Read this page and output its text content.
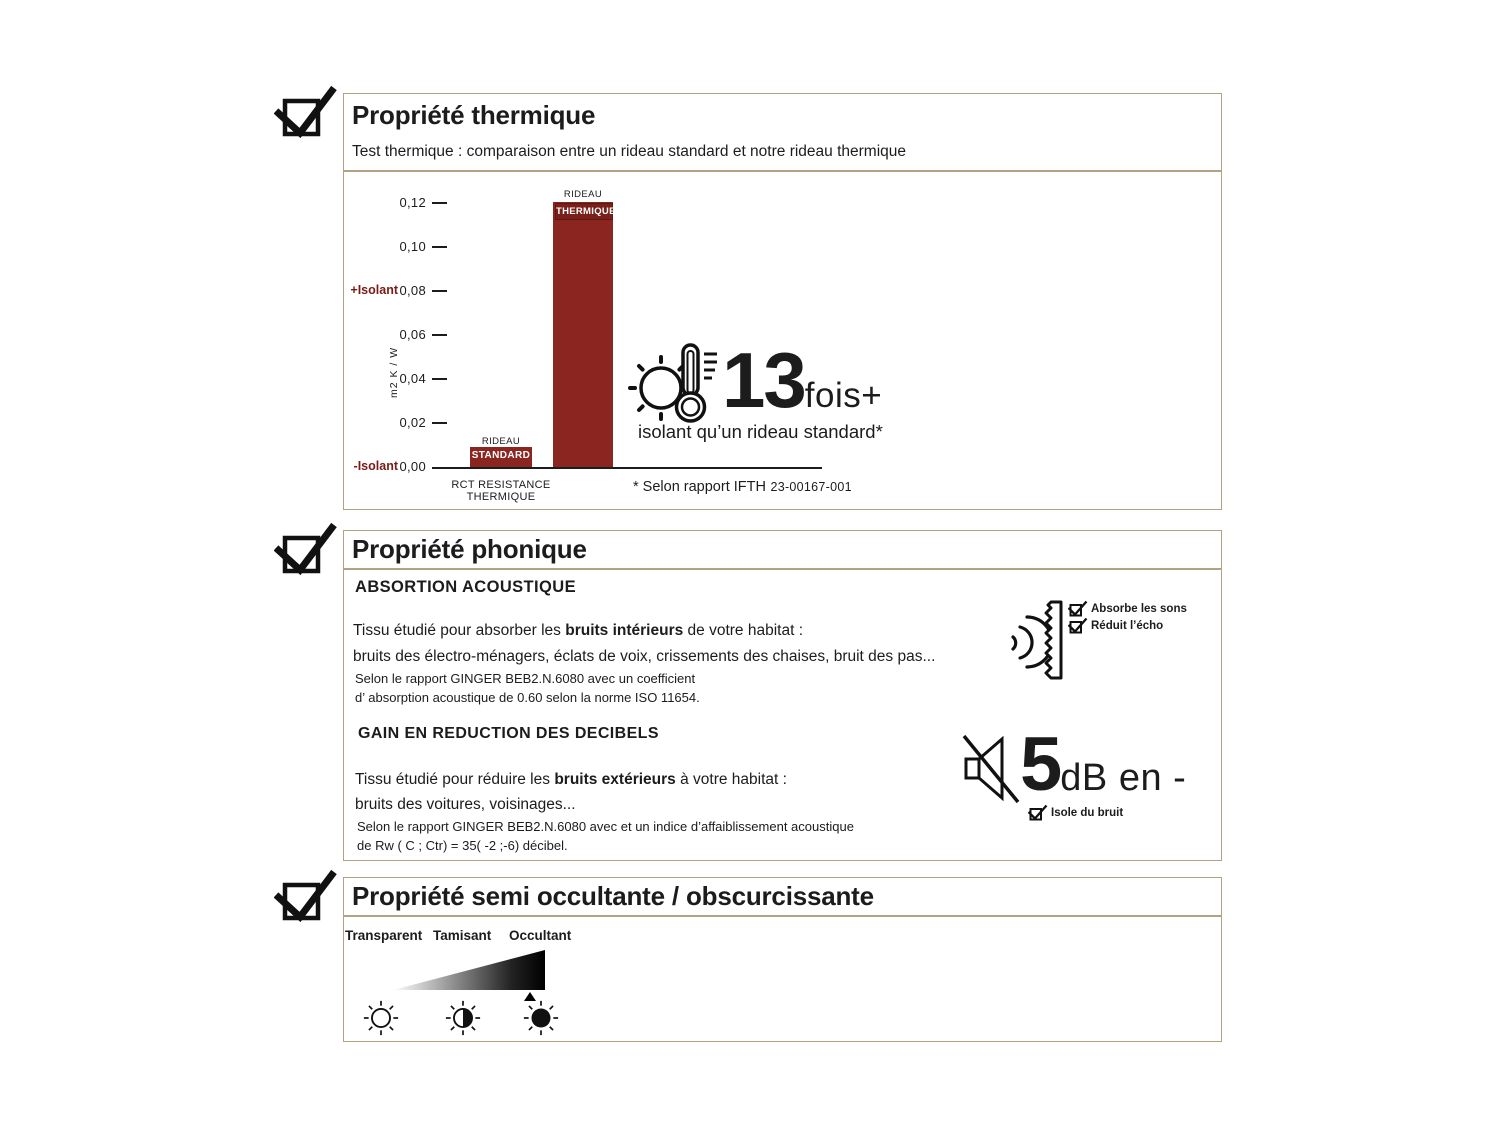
Propriété thermique
Test thermique : comparaison entre un rideau standard et notre rideau thermique
0,12
0,10
0,08
0,06
0,04
0,02
0,00
+Isolant
-Isolant
m2 K / W
RIDEAU
STANDARD
RIDEAU
THERMIQUE
RCT RESISTANCE THERMIQUE
* Selon rapport IFTH 23-00167-001
13 fois+
isolant qu’un rideau standard*
Propriété phonique
ABSORTION ACOUSTIQUE
Tissu étudié pour absorber les bruits intérieurs de votre habitat :
bruits des électro-ménagers, éclats de voix, crissements des chaises, bruit des pas...
Selon le rapport GINGER BEB2.N.6080 avec un coefficient
d’ absorption acoustique de 0.60 selon la norme ISO 11654.
Absorbe les sons
Réduit l’écho
GAIN EN REDUCTION DES DECIBELS
Tissu étudié pour réduire les bruits extérieurs à votre habitat :
bruits des voitures, voisinages...
Selon le rapport GINGER BEB2.N.6080 avec et un indice d’affaiblissement acoustique
de Rw ( C ; Ctr) = 35( -2 ;-6) décibel.
5 dB en -
Isole du bruit
Propriété semi occultante / obscurcissante
Transparent Tamisant Occultant
